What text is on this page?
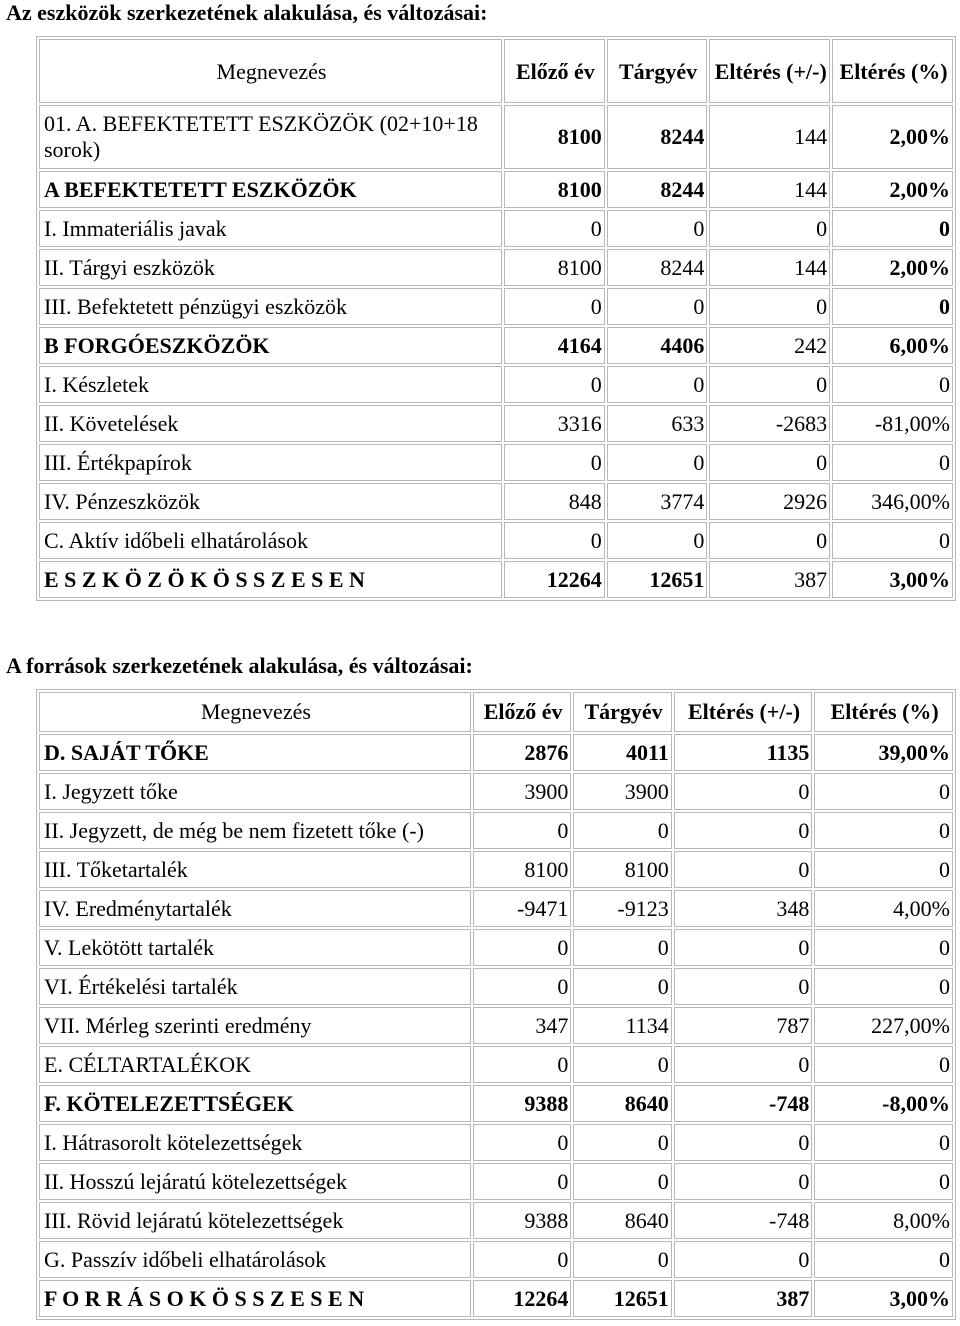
Az eszközök szerkezetének alakulása, és változásai:
Megnevezés	Előző év	Tárgyév	Eltérés (+/-)	Eltérés (%)
01. A. BEFEKTETETT ESZKÖZÖK (02+10+18 sorok)	8100	8244	144	2,00%
A BEFEKTETETT ESZKÖZÖK	8100	8244	144	2,00%
I. Immateriális javak	0	0	0	0
II. Tárgyi eszközök	8100	8244	144	2,00%
III. Befektetett pénzügyi eszközök	0	0	0	0
B FORGÓESZKÖZÖK	4164	4406	242	6,00%
I. Készletek	0	0	0	0
II. Követelések	3316	633	-2683	-81,00%
III. Értékpapírok	0	0	0	0
IV. Pénzeszközök	848	3774	2926	346,00%
C. Aktív időbeli elhatárolások	0	0	0	0
E S Z K Ö Z Ö K Ö S S Z E S E N	12264	12651	387	3,00%
A források szerkezetének alakulása, és változásai:
Megnevezés	Előző év	Tárgyév	Eltérés (+/-)	Eltérés (%)
D. SAJÁT TŐKE	2876	4011	1135	39,00%
I. Jegyzett tőke	3900	3900	0	0
II. Jegyzett, de még be nem fizetett tőke (-)	0	0	0	0
III. Tőketartalék	8100	8100	0	0
IV. Eredménytartalék	-9471	-9123	348	4,00%
V. Lekötött tartalék	0	0	0	0
VI. Értékelési tartalék	0	0	0	0
VII. Mérleg szerinti eredmény	347	1134	787	227,00%
E. CÉLTARTALÉKOK	0	0	0	0
F. KÖTELEZETTSÉGEK	9388	8640	-748	-8,00%
I. Hátrasorolt kötelezettségek	0	0	0	0
II. Hosszú lejáratú kötelezettségek	0	0	0	0
III. Rövid lejáratú kötelezettségek	9388	8640	-748	8,00%
G. Passzív időbeli elhatárolások	0	0	0	0
F O R R Á S O K Ö S S Z E S E N	12264	12651	387	3,00%
